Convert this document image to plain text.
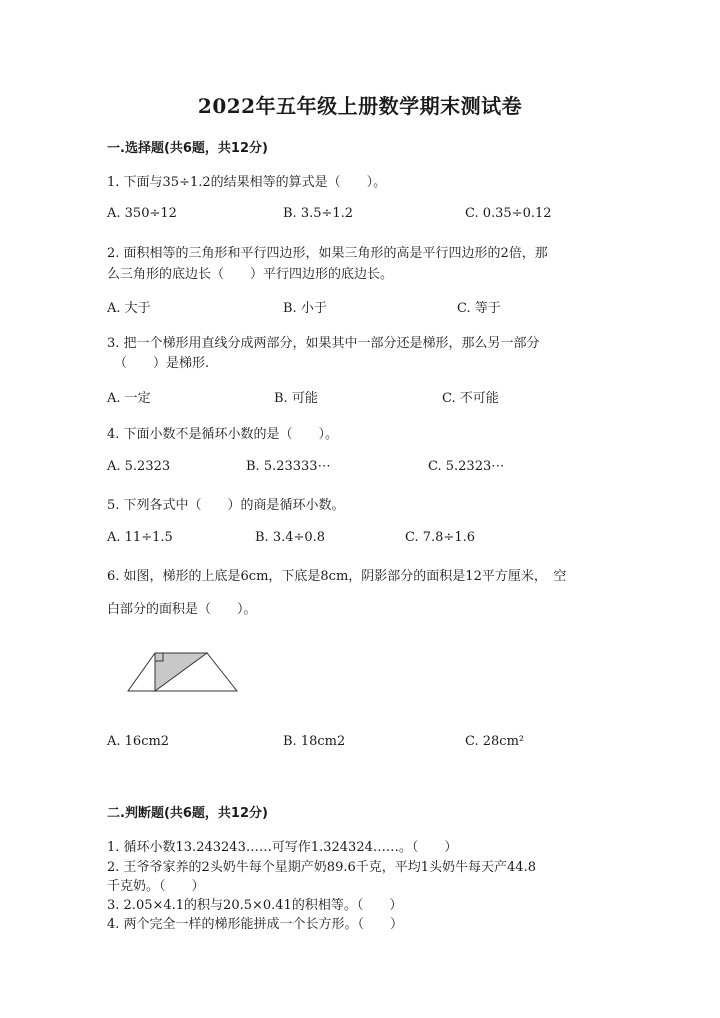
2022年五年级上册数学期末测试卷
一.选择题(共6题，共12分)
1. 下面与35÷1.2的结果相等的算式是（　　）。
A. 350÷12	B. 3.5÷1.2	C. 0.35÷0.12
2. 面积相等的三角形和平行四边形，如果三角形的高是平行四边形的2倍，那
么三角形的底边长（　　）平行四边形的底边长。
A. 大于	B. 小于	C. 等于
3. 把一个梯形用直线分成两部分，如果其中一部分还是梯形，那么另一部分
（　　）是梯形.
A. 一定	B. 可能	C. 不可能
4. 下面小数不是循环小数的是（　　）。
A. 5.2323	B. 5.23333⋯	C. 5.2323⋯
5. 下列各式中（　　）的商是循环小数。
A. 11÷1.5	B. 3.4÷0.8	C. 7.8÷1.6
6. 如图，梯形的上底是6cm，下底是8cm，阴影部分的面积是12平方厘米，　空
白部分的面积是（　　）。
A. 16cm2	B. 18cm2	C. 28cm²
二.判断题(共6题，共12分)
1. 循环小数13.243243……可写作1.324324……。（　　）
2. 王爷爷家养的2头奶牛每个星期产奶89.6千克，平均1头奶牛每天产44.8
千克奶。（　　）
3. 2.05×4.1的积与20.5×0.41的积相等。（　　）
4. 两个完全一样的梯形能拼成一个长方形。（　　）
